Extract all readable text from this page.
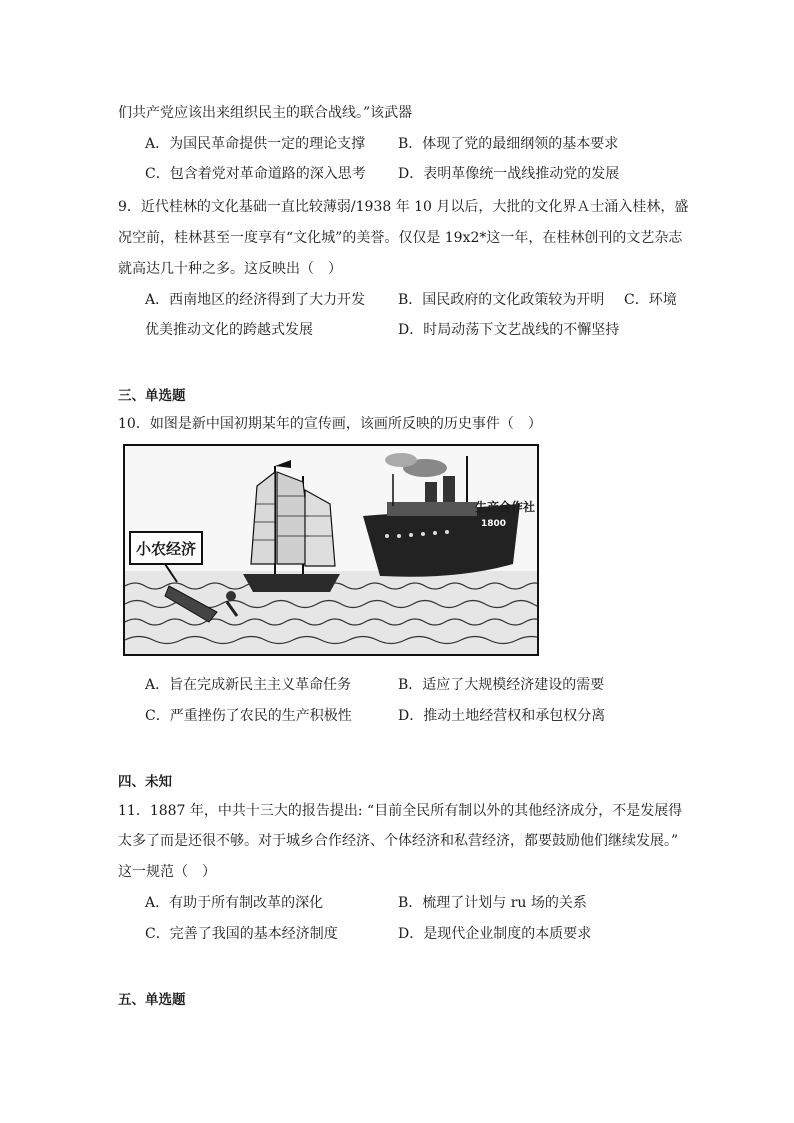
们共产党应该出来组织民主的联合战线。”该武器
A．为国民革命提供一定的理论支撑 B．体现了党的最细纲领的基本要求
C．包含着党对革命道路的深入思考 D．表明革像统一战线推动党的发展
9．近代桂林的文化基础一直比较薄弱/1938 年 10 月以后，大批的文化界Ａ士涌入桂林，盛
况空前，桂林甚至一度享有“文化城”的美誉。仅仅是 19x2*这一年，在桂林创刊的文艺杂志
就高达几十种之多。这反映出（　）
A．西南地区的经济得到了大力开发 B．国民政府的文化政策较为开明 C．环境
优美推动文化的跨越式发展	D．时局动荡下文艺战线的不懈坚持
三、单选题
10．如图是新中国初期某年的宣传画，该画所反映的历史事件（　）
1800
小农经济
生产合作社
A．旨在完成新民主主义革命任务	B．适应了大规模经济建设的需要
C．严重挫伤了农民的生产积极性	D．推动土地经营权和承包权分离
四、未知
11．1887 年，中共十三大的报告提出: “目前全民所有制以外的其他经济成分，不是发展得
太多了而是还很不够。对于城乡合作经济、个体经济和私营经济，都要鼓励他们继续发展。”
这一规范（　）
A．有助于所有制改革的深化	B．梳理了计划与 ru 场的关系
C．完善了我国的基本经济制度	D．是现代企业制度的本质要求
五、单选题
